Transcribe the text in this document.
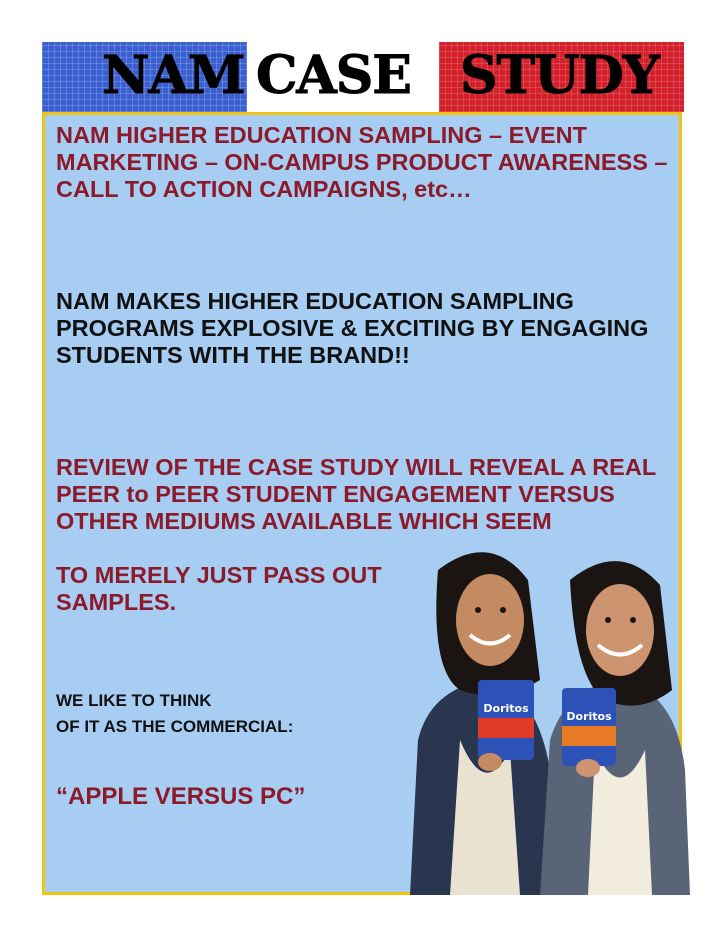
NAM CASE STUDY

NAM HIGHER EDUCATION SAMPLING – EVENT MARKETING – ON-CAMPUS PRODUCT AWARENESS – CALL TO ACTION CAMPAIGNS, etc…

NAM MAKES HIGHER EDUCATION SAMPLING PROGRAMS EXPLOSIVE & EXCITING BY ENGAGING STUDENTS WITH THE BRAND!!

REVIEW OF THE CASE STUDY WILL REVEAL A REAL PEER to PEER STUDENT ENGAGEMENT VERSUS OTHER MEDIUMS AVAILABLE WHICH SEEM

TO MERELY JUST PASS OUT SAMPLES.

WE LIKE TO THINK
OF IT AS THE COMMERCIAL:

“APPLE VERSUS PC”

Doritos
Doritos
